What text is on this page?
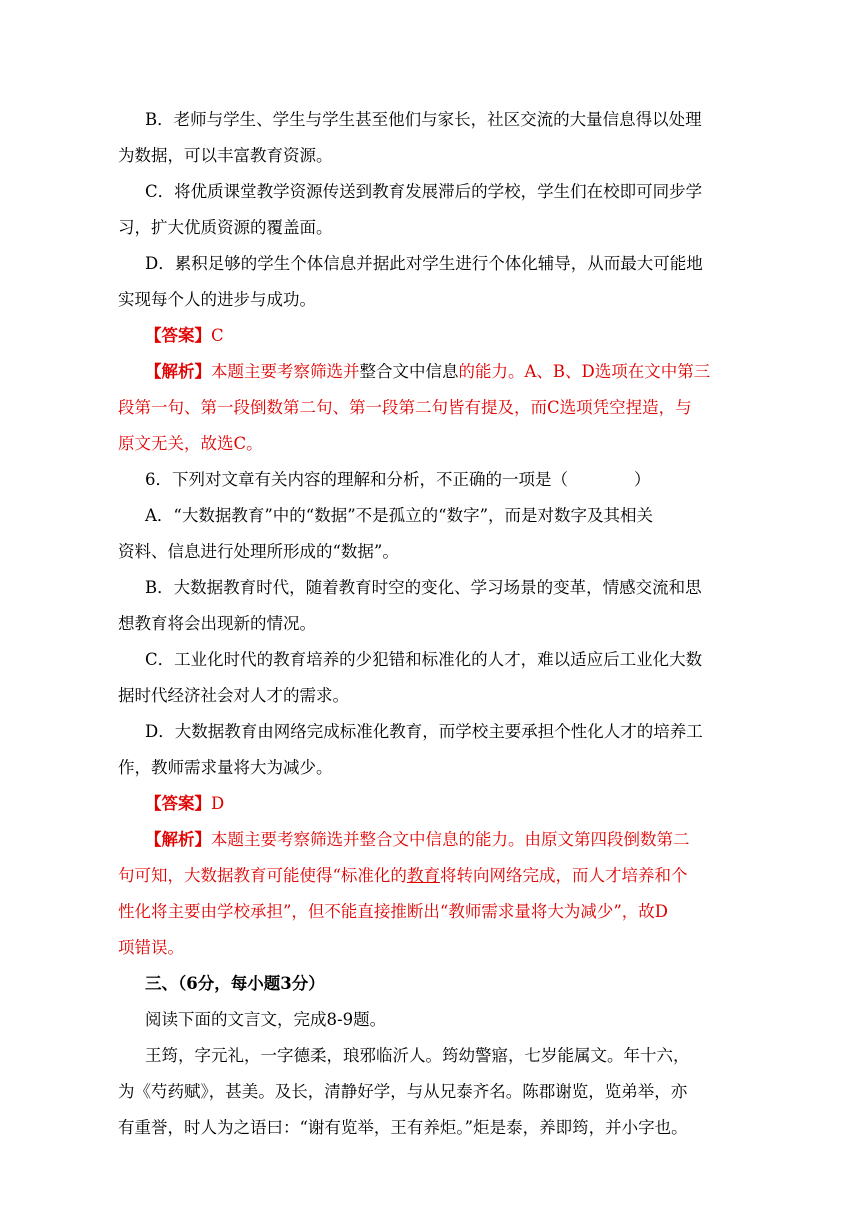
B．老师与学生、学生与学生甚至他们与家长，社区交流的大量信息得以处理
为数据，可以丰富教育资源。
C．将优质课堂教学资源传送到教育发展滞后的学校，学生们在校即可同步学
习，扩大优质资源的覆盖面。
D．累积足够的学生个体信息并据此对学生进行个体化辅导，从而最大可能地
实现每个人的进步与成功。
【答案】C
【解析】本题主要考察筛选并整合文中信息的能力。A、B、D选项在文中第三
段第一句、第一段倒数第二句、第一段第二句皆有提及，而C选项凭空捏造，与
原文无关，故选C。
6．下列对文章有关内容的理解和分析，不正确的一项是（　　　　）
A．“大数据教育”中的“数据”不是孤立的“数字”，而是对数字及其相关
资料、信息进行处理所形成的“数据”。
B．大数据教育时代，随着教育时空的变化、学习场景的变革，情感交流和思
想教育将会出现新的情况。
C．工业化时代的教育培养的少犯错和标准化的人才，难以适应后工业化大数
据时代经济社会对人才的需求。
D．大数据教育由网络完成标准化教育，而学校主要承担个性化人才的培养工
作，教师需求量将大为减少。
【答案】D
【解析】本题主要考察筛选并整合文中信息的能力。由原文第四段倒数第二
句可知，大数据教育可能使得“标准化的教育将转向网络完成，而人才培养和个
性化将主要由学校承担”，但不能直接推断出“教师需求量将大为减少”，故D
项错误。
三、（6分，每小题3分）
阅读下面的文言文，完成8-9题。
王筠，字元礼，一字德柔，琅邪临沂人。筠幼警寤，七岁能属文。年十六，
为《芍药赋》，甚美。及长，清静好学，与从兄泰齐名。陈郡谢览，览弟举，亦
有重誉，时人为之语曰：“谢有览举，王有养炬。”炬是泰，养即筠，并小字也。
